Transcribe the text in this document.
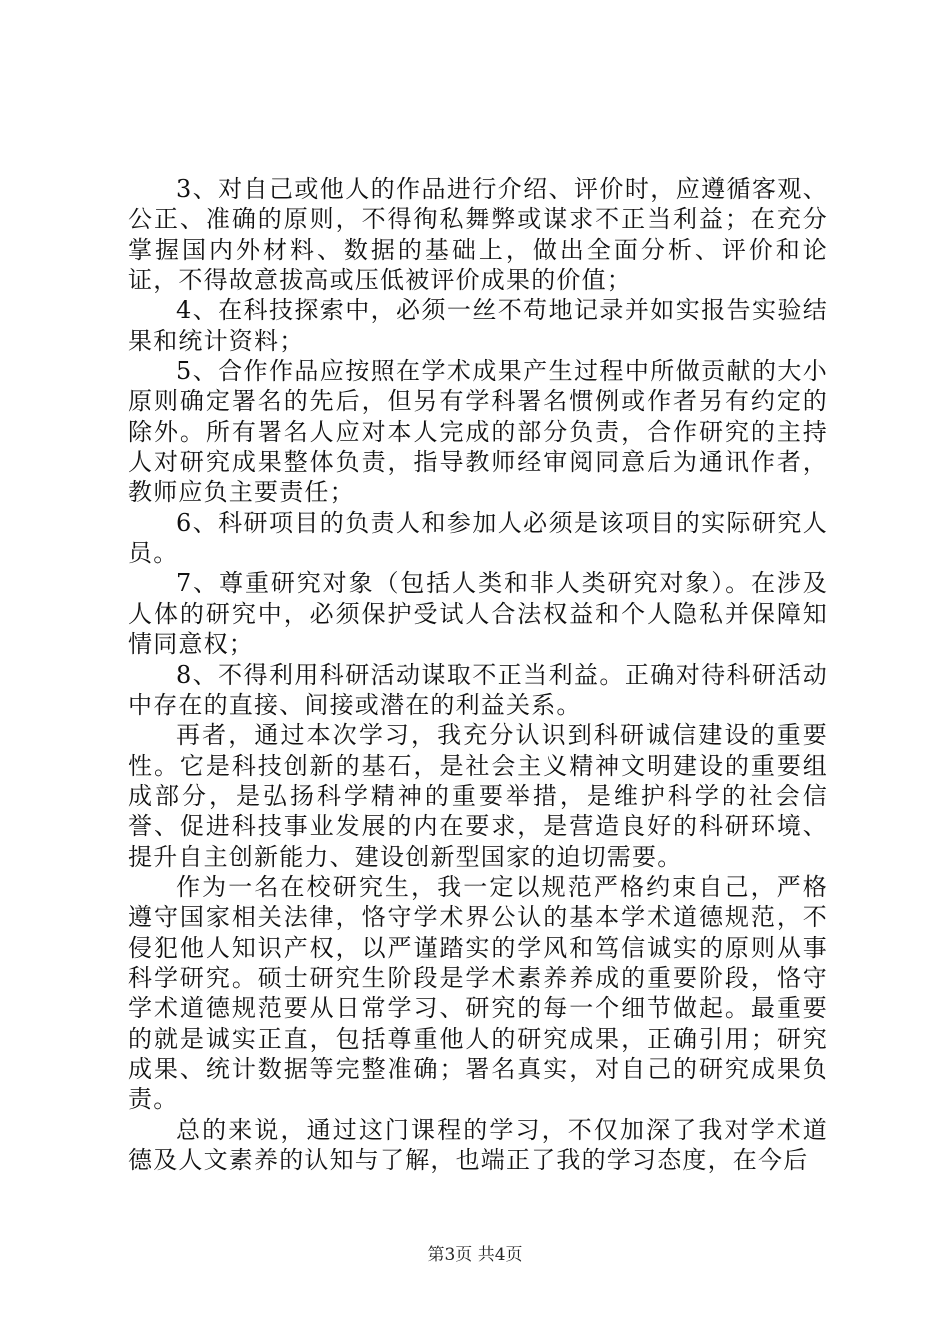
3、对自己或他人的作品进行介绍、评价时，应遵循客观、公正、准确的原则，不得徇私舞弊或谋求不正当利益；在充分掌握国内外材料、数据的基础上，做出全面分析、评价和论证，不得故意拔高或压低被评价成果的价值；

4、在科技探索中，必须一丝不苟地记录并如实报告实验结果和统计资料；

5、合作作品应按照在学术成果产生过程中所做贡献的大小原则确定署名的先后，但另有学科署名惯例或作者另有约定的除外。所有署名人应对本人完成的部分负责，合作研究的主持人对研究成果整体负责，指导教师经审阅同意后为通讯作者，教师应负主要责任；

6、科研项目的负责人和参加人必须是该项目的实际研究人员。

7、尊重研究对象（包括人类和非人类研究对象）。在涉及人体的研究中，必须保护受试人合法权益和个人隐私并保障知情同意权；

8、不得利用科研活动谋取不正当利益。正确对待科研活动中存在的直接、间接或潜在的利益关系。

再者，通过本次学习，我充分认识到科研诚信建设的重要性。它是科技创新的基石，是社会主义精神文明建设的重要组成部分，是弘扬科学精神的重要举措，是维护科学的社会信誉、促进科技事业发展的内在要求，是营造良好的科研环境、提升自主创新能力、建设创新型国家的迫切需要。

作为一名在校研究生，我一定以规范严格约束自己，严格遵守国家相关法律，恪守学术界公认的基本学术道德规范，不侵犯他人知识产权，以严谨踏实的学风和笃信诚实的原则从事科学研究。硕士研究生阶段是学术素养养成的重要阶段，恪守学术道德规范要从日常学习、研究的每一个细节做起。最重要的就是诚实正直，包括尊重他人的研究成果，正确引用；研究成果、统计数据等完整准确；署名真实，对自己的研究成果负责。

总的来说，通过这门课程的学习，不仅加深了我对学术道德及人文素养的认知与了解，也端正了我的学习态度，在今后

第3页 共4页
